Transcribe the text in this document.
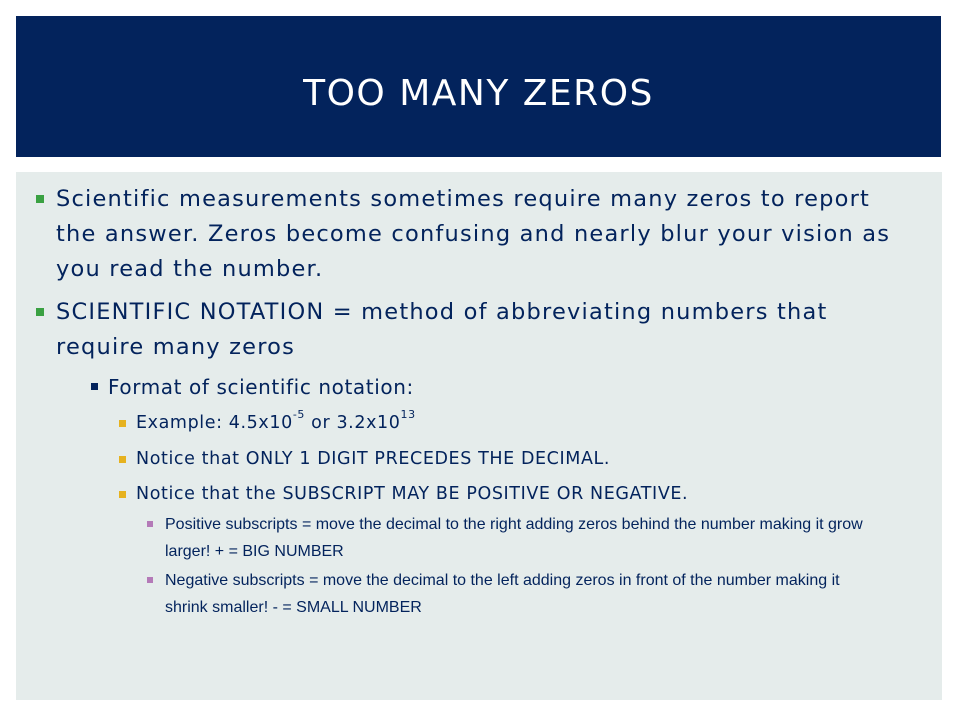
TOO MANY ZEROS
Scientific measurements sometimes require many zeros to report the answer. Zeros become confusing and nearly blur your vision as you read the number.
SCIENTIFIC NOTATION = method of abbreviating numbers that require many zeros
Format of scientific notation:
Example: $4.5x10^{-5}$ or $3.2x10^{13}$
Notice that ONLY 1 DIGIT PRECEDES THE DECIMAL.
Notice that the SUBSCRIPT MAY BE POSITIVE OR NEGATIVE.
Positive subscripts = move the decimal to the right adding zeros behind the number making it grow larger! + = BIG NUMBER
Negative subscripts = move the decimal to the left adding zeros in front of the number making it shrink smaller! - = SMALL NUMBER
